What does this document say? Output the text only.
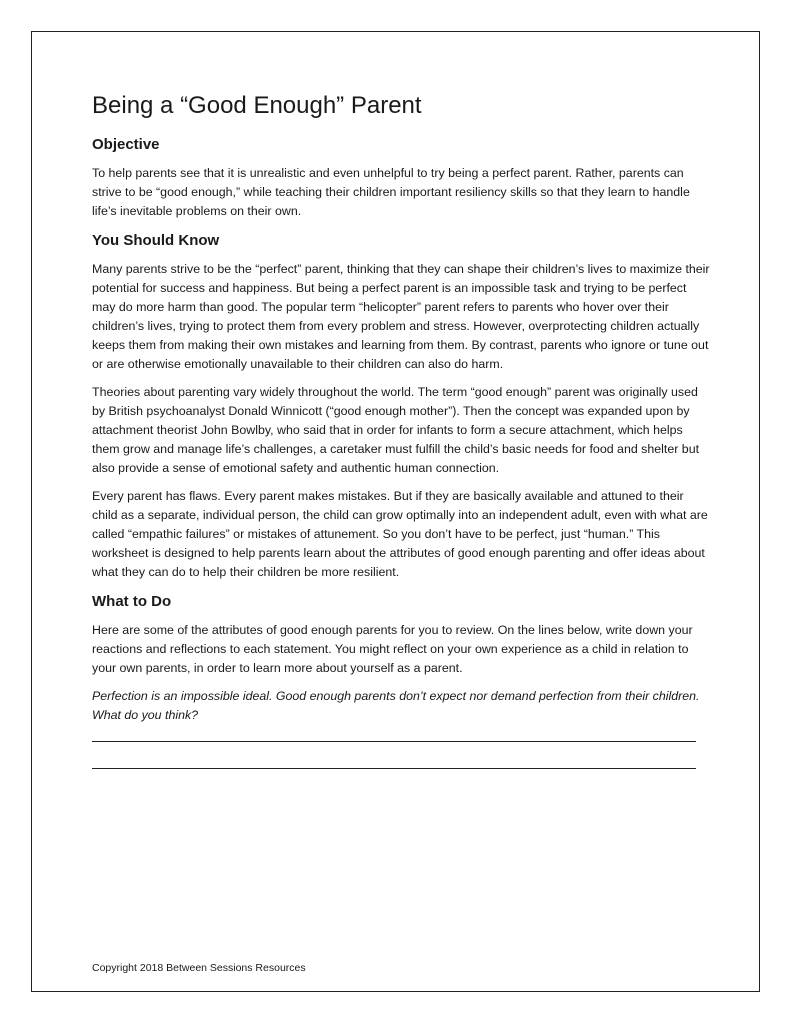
Being a “Good Enough” Parent
Objective

To help parents see that it is unrealistic and even unhelpful to try being a perfect parent. Rather, parents can strive to be “good enough,” while teaching their children important resiliency skills so that they learn to handle life’s inevitable problems on their own.

You Should Know

Many parents strive to be the “perfect” parent, thinking that they can shape their children’s lives to maximize their potential for success and happiness. But being a perfect parent is an impossible task and trying to be perfect may do more harm than good. The popular term “helicopter” parent refers to parents who hover over their children’s lives, trying to protect them from every problem and stress. However, overprotecting children actually keeps them from making their own mistakes and learning from them. By contrast, parents who ignore or tune out or are otherwise emotionally unavailable to their children can also do harm.

Theories about parenting vary widely throughout the world. The term “good enough” parent was originally used by British psychoanalyst Donald Winnicott (“good enough mother”). Then the concept was expanded upon by attachment theorist John Bowlby, who said that in order for infants to form a secure attachment, which helps them grow and manage life’s challenges, a caretaker must fulfill the child’s basic needs for food and shelter but also provide a sense of emotional safety and authentic human connection.

Every parent has flaws. Every parent makes mistakes. But if they are basically available and attuned to their child as a separate, individual person, the child can grow optimally into an independent adult, even with what are called “empathic failures” or mistakes of attunement. So you don’t have to be perfect, just “human.” This worksheet is designed to help parents learn about the attributes of good enough parenting and offer ideas about what they can do to help their children be more resilient.

What to Do

Here are some of the attributes of good enough parents for you to review. On the lines below, write down your reactions and reflections to each statement. You might reflect on your own experience as a child in relation to your own parents, in order to learn more about yourself as a parent.

Perfection is an impossible ideal. Good enough parents don’t expect nor demand perfection from their children. What do you think?

Copyright 2018 Between Sessions Resources
